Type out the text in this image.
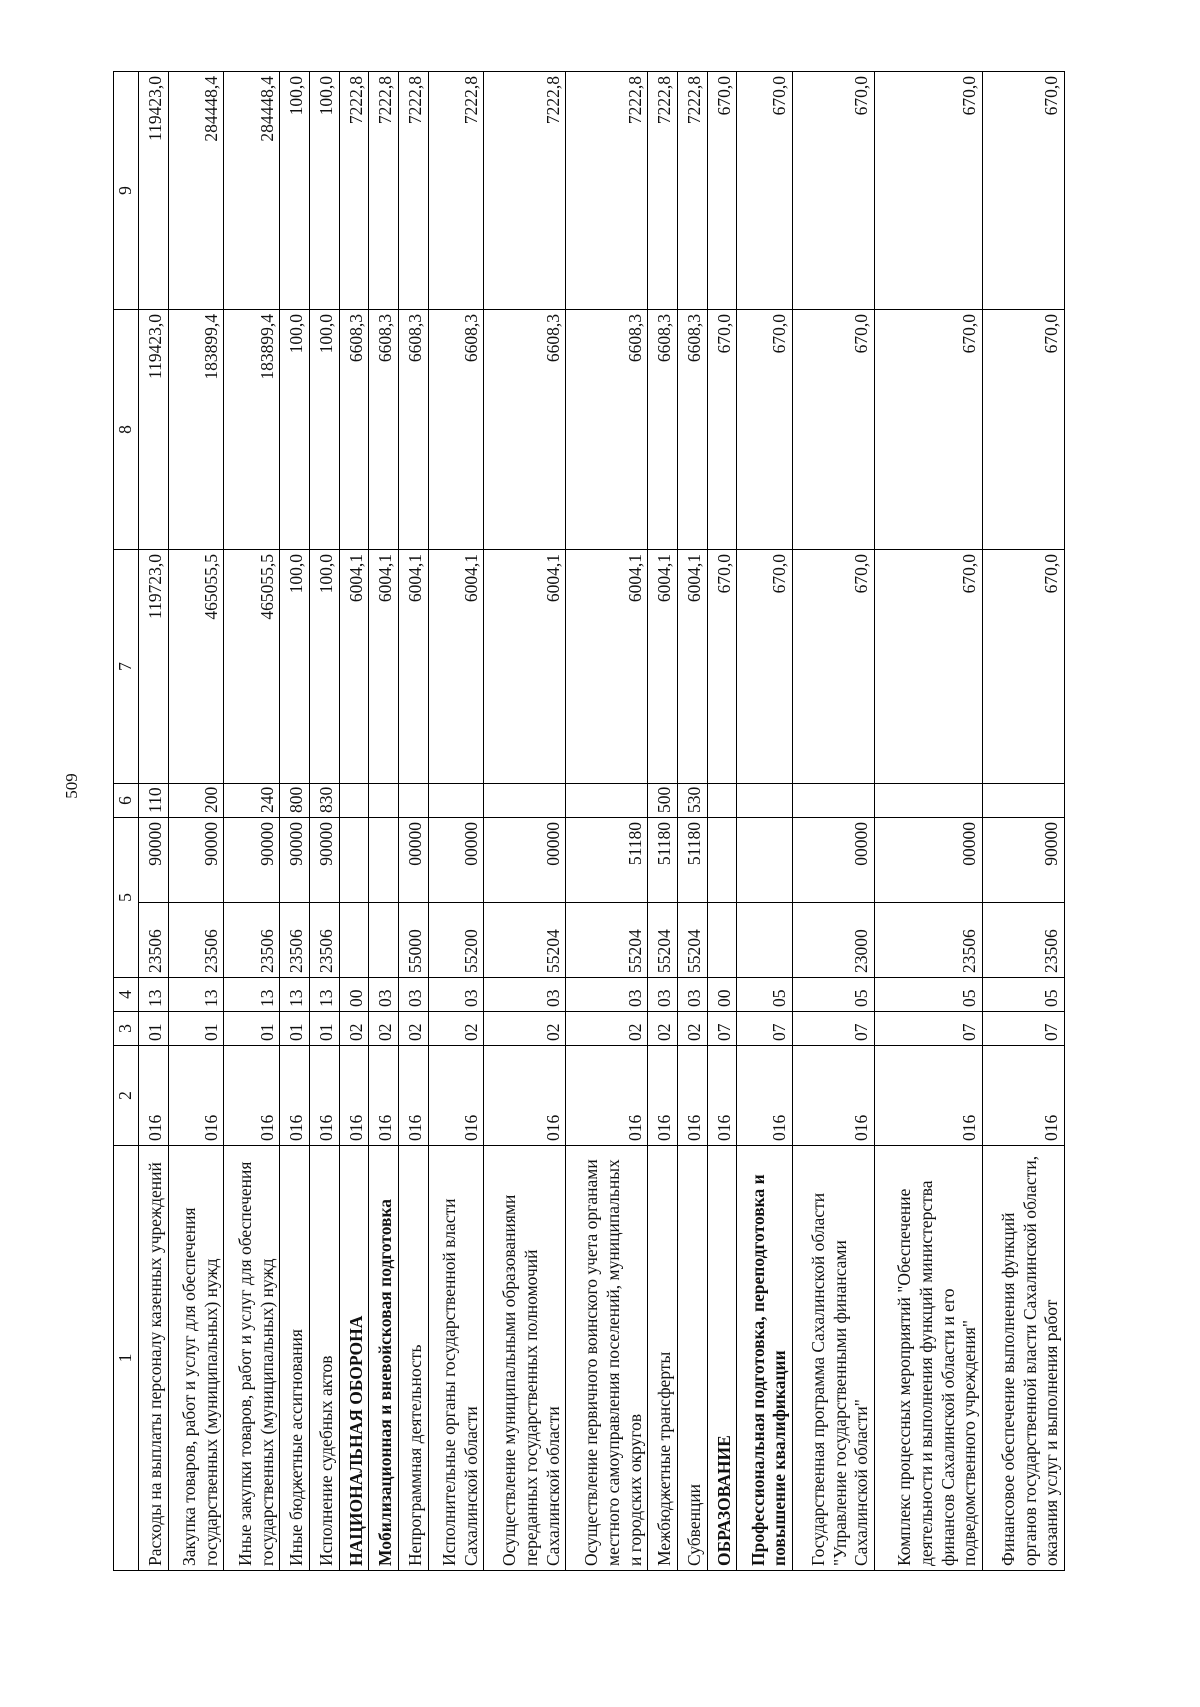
509
1	2	3	4	5		6	7	8	9
Расходы на выплаты персоналу казенных учреждений	016	01	13	23506	90000	110	119723,0	119423,0	119423,0
Закупка товаров, работ и услуг для обеспечения государственных (муниципальных) нужд	016	01	13	23506	90000	200	465055,5	183899,4	284448,4
Иные закупки товаров, работ и услуг для обеспечения государственных (муниципальных) нужд	016	01	13	23506	90000	240	465055,5	183899,4	284448,4
Иные бюджетные ассигнования	016	01	13	23506	90000	800	100,0	100,0	100,0
Исполнение судебных актов	016	01	13	23506	90000	830	100,0	100,0	100,0
НАЦИОНАЛЬНАЯ ОБОРОНА	016	02	00				6004,1	6608,3	7222,8
Мобилизационная и вневойсковая подготовка	016	02	03				6004,1	6608,3	7222,8
Непрограммная деятельность	016	02	03	55000	00000		6004,1	6608,3	7222,8
Исполнительные органы государственной власти Сахалинской области	016	02	03	55200	00000		6004,1	6608,3	7222,8
Осуществление муниципальными образованиями переданных государственных полномочий Сахалинской области	016	02	03	55204	00000		6004,1	6608,3	7222,8
Осуществление первичного воинского учета органами местного самоуправления поселений, муниципальных и городских округов	016	02	03	55204	51180		6004,1	6608,3	7222,8
Межбюджетные трансферты	016	02	03	55204	51180	500	6004,1	6608,3	7222,8
Субвенции	016	02	03	55204	51180	530	6004,1	6608,3	7222,8
ОБРАЗОВАНИЕ	016	07	00				670,0	670,0	670,0
Профессиональная подготовка, переподготовка и повышение квалификации	016	07	05				670,0	670,0	670,0
Государственная программа Сахалинской области "Управление государственными финансами Сахалинской области"	016	07	05	23000	00000		670,0	670,0	670,0
Комплекс процессных мероприятий "Обеспечение деятельности и выполнения функций министерства финансов Сахалинской области и его подведомственного учреждения"	016	07	05	23506	00000		670,0	670,0	670,0
Финансовое обеспечение выполнения функций органов государственной власти Сахалинской области, оказания услуг и выполнения работ	016	07	05	23506	90000		670,0	670,0	670,0
